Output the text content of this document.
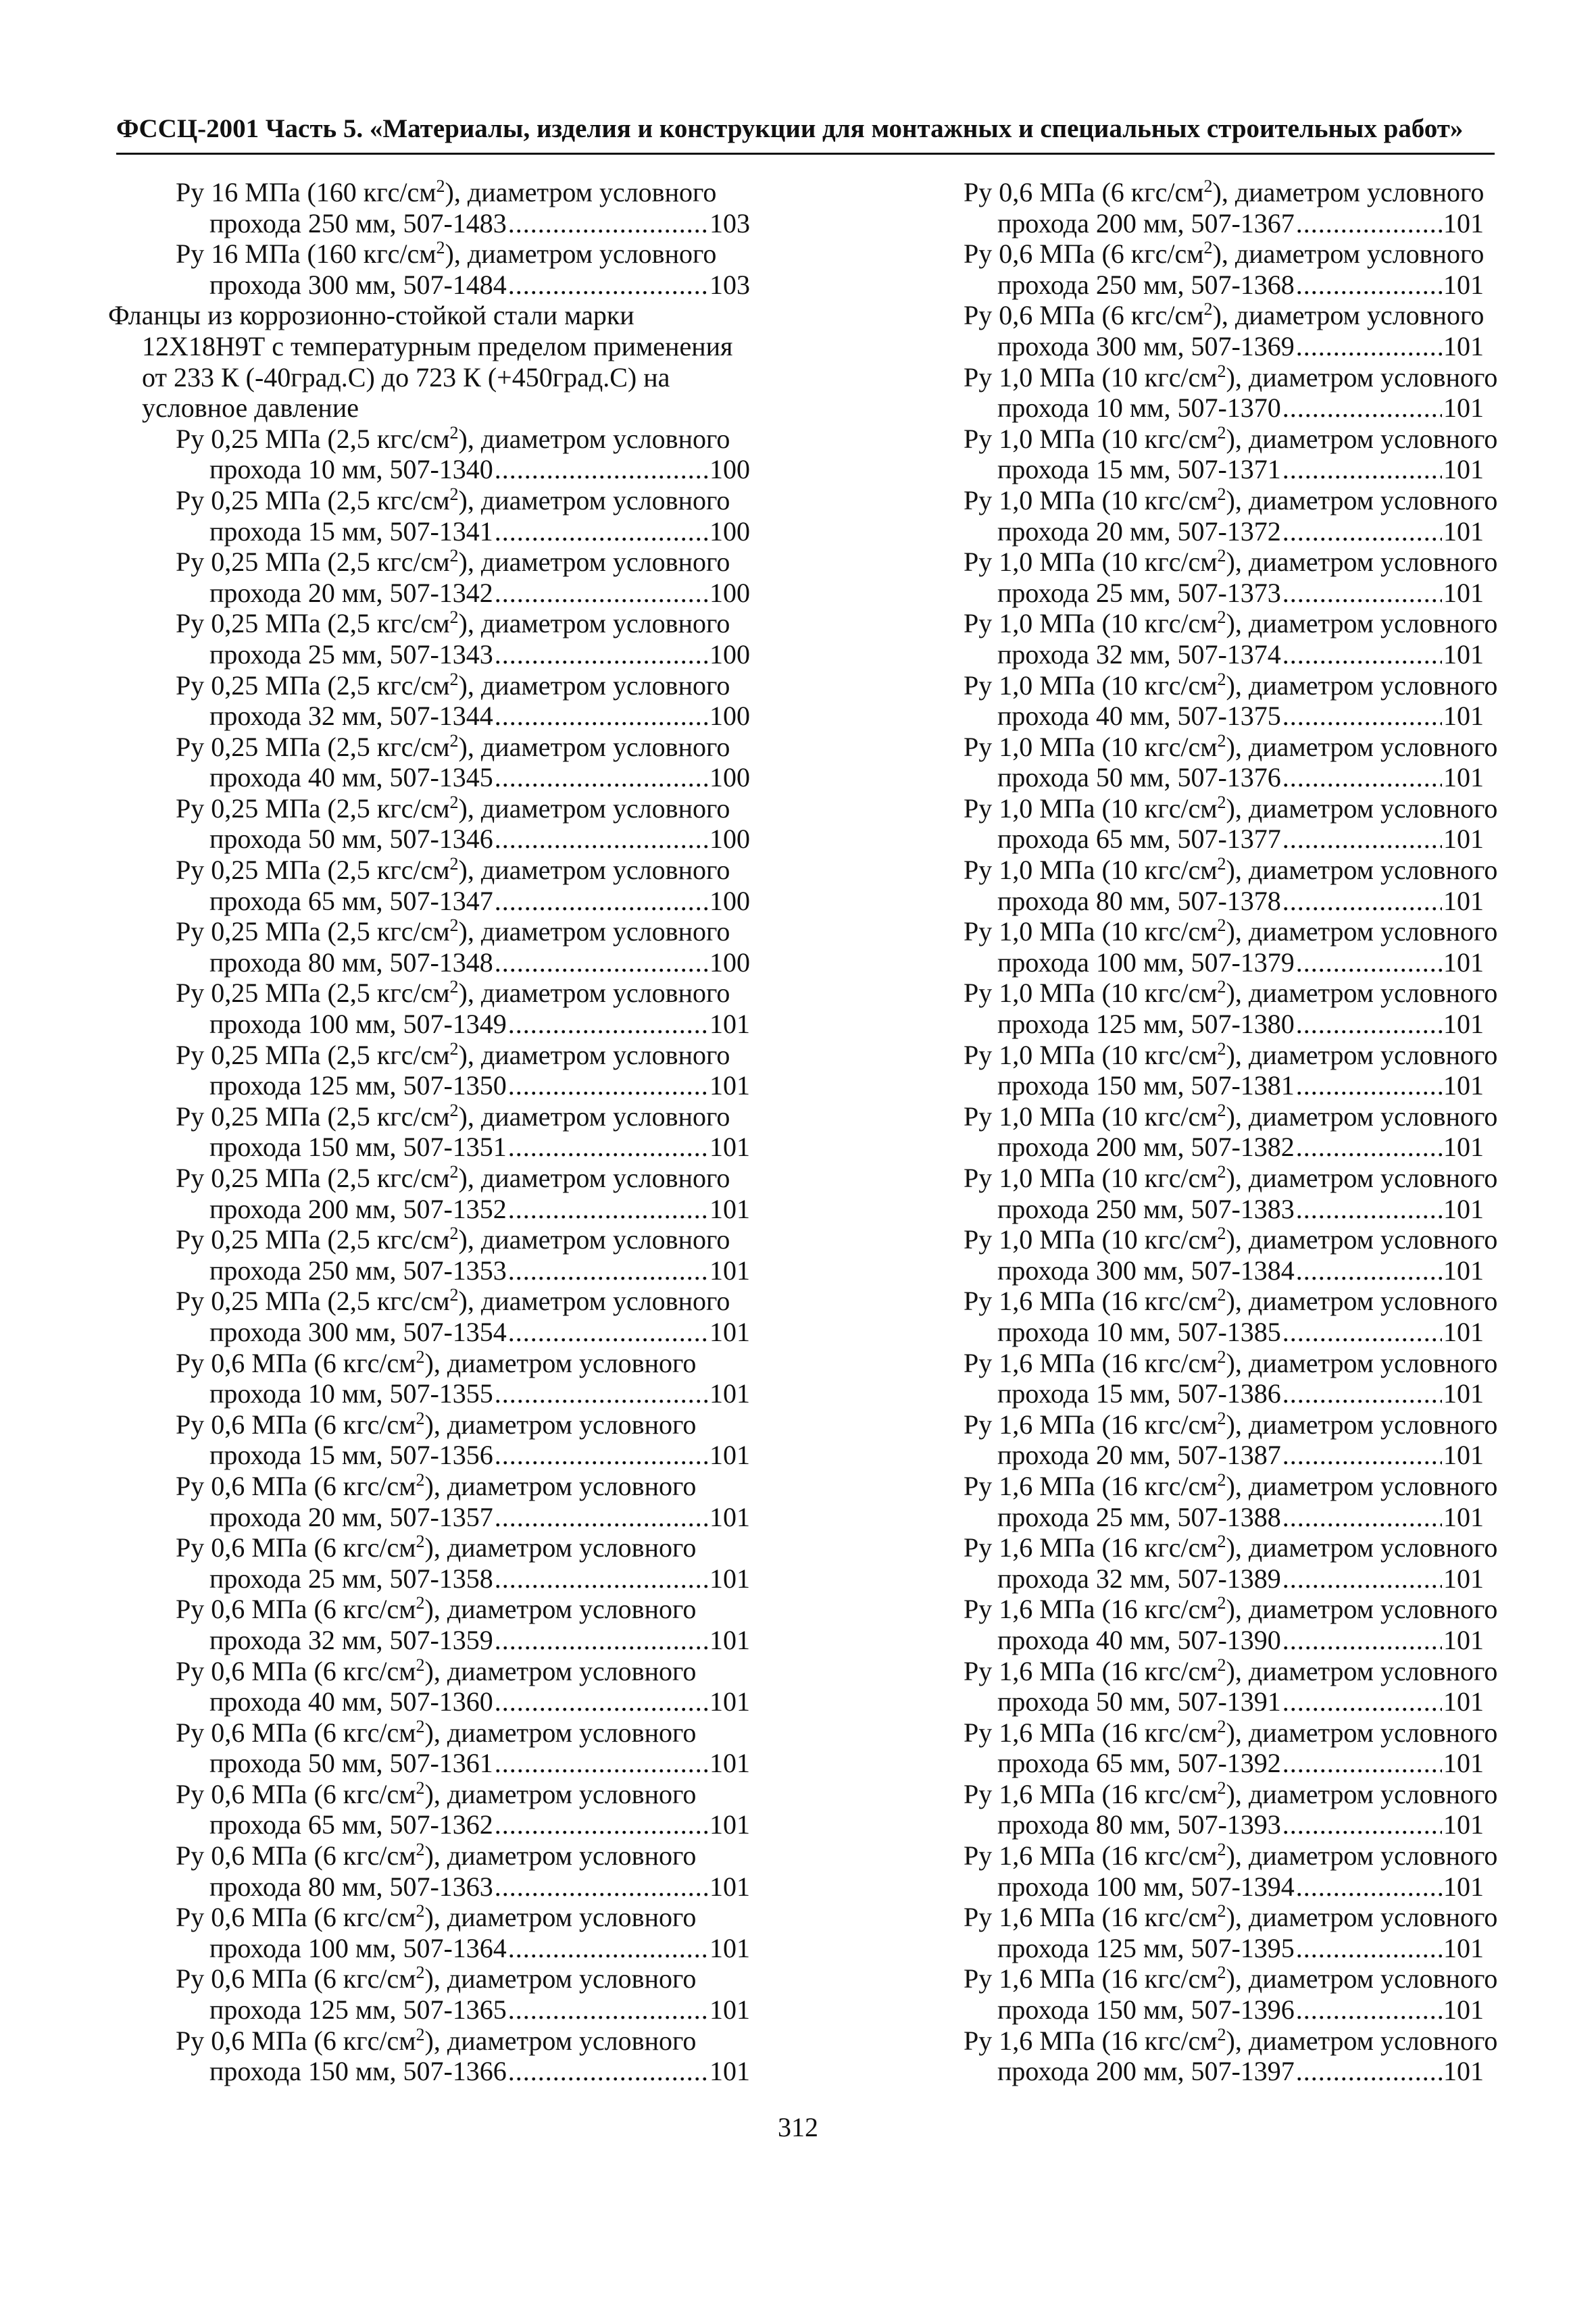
ФССЦ-2001 Часть 5. «Материалы, изделия и конструкции для монтажных и специальных строительных работ»
Ру 16 МПа (160 кгс/$см^2$), диаметром условного
прохода 250 мм, 507-1483 .....	103
Ру 16 МПа (160 кгс/$см^2$), диаметром условного
прохода 300 мм, 507-1484 .....	103
Фланцы из коррозионно-стойкой стали марки
12Х18Н9Т с температурным пределом применения
от 233 К (-40град.С) до 723 К (+450град.С) на
условное давление
Ру 0,25 МПа (2,5 кгс/$см^2$), диаметром условного
прохода 10 мм, 507-1340 .....	100
Ру 0,25 МПа (2,5 кгс/$см^2$), диаметром условного
прохода 15 мм, 507-1341 .....	100
Ру 0,25 МПа (2,5 кгс/$см^2$), диаметром условного
прохода 20 мм, 507-1342 .....	100
Ру 0,25 МПа (2,5 кгс/$см^2$), диаметром условного
прохода 25 мм, 507-1343 .....	100
Ру 0,25 МПа (2,5 кгс/$см^2$), диаметром условного
прохода 32 мм, 507-1344 .....	100
Ру 0,25 МПа (2,5 кгс/$см^2$), диаметром условного
прохода 40 мм, 507-1345 .....	100
Ру 0,25 МПа (2,5 кгс/$см^2$), диаметром условного
прохода 50 мм, 507-1346 .....	100
Ру 0,25 МПа (2,5 кгс/$см^2$), диаметром условного
прохода 65 мм, 507-1347 .....	100
Ру 0,25 МПа (2,5 кгс/$см^2$), диаметром условного
прохода 80 мм, 507-1348 .....	100
Ру 0,25 МПа (2,5 кгс/$см^2$), диаметром условного
прохода 100 мм, 507-1349 .....	101
Ру 0,25 МПа (2,5 кгс/$см^2$), диаметром условного
прохода 125 мм, 507-1350 .....	101
Ру 0,25 МПа (2,5 кгс/$см^2$), диаметром условного
прохода 150 мм, 507-1351 .....	101
Ру 0,25 МПа (2,5 кгс/$см^2$), диаметром условного
прохода 200 мм, 507-1352 .....	101
Ру 0,25 МПа (2,5 кгс/$см^2$), диаметром условного
прохода 250 мм, 507-1353 .....	101
Ру 0,25 МПа (2,5 кгс/$см^2$), диаметром условного
прохода 300 мм, 507-1354 .....	101
Ру 0,6 МПа (6 кгс/$см^2$), диаметром условного
прохода 10 мм, 507-1355 .....	101
Ру 0,6 МПа (6 кгс/$см^2$), диаметром условного
прохода 15 мм, 507-1356 .....	101
Ру 0,6 МПа (6 кгс/$см^2$), диаметром условного
прохода 20 мм, 507-1357 .....	101
Ру 0,6 МПа (6 кгс/$см^2$), диаметром условного
прохода 25 мм, 507-1358 .....	101
Ру 0,6 МПа (6 кгс/$см^2$), диаметром условного
прохода 32 мм, 507-1359 .....	101
Ру 0,6 МПа (6 кгс/$см^2$), диаметром условного
прохода 40 мм, 507-1360 .....	101
Ру 0,6 МПа (6 кгс/$см^2$), диаметром условного
прохода 50 мм, 507-1361 .....	101
Ру 0,6 МПа (6 кгс/$см^2$), диаметром условного
прохода 65 мм, 507-1362 .....	101
Ру 0,6 МПа (6 кгс/$см^2$), диаметром условного
прохода 80 мм, 507-1363 .....	101
Ру 0,6 МПа (6 кгс/$см^2$), диаметром условного
прохода 100 мм, 507-1364 .....	101
Ру 0,6 МПа (6 кгс/$см^2$), диаметром условного
прохода 125 мм, 507-1365 .....	101
Ру 0,6 МПа (6 кгс/$см^2$), диаметром условного
прохода 150 мм, 507-1366 .....	101
Ру 0,6 МПа (6 кгс/$см^2$), диаметром условного
прохода 200 мм, 507-1367 .....	101
Ру 0,6 МПа (6 кгс/$см^2$), диаметром условного
прохода 250 мм, 507-1368 .....	101
Ру 0,6 МПа (6 кгс/$см^2$), диаметром условного
прохода 300 мм, 507-1369 .....	101
Ру 1,0 МПа (10 кгс/$см^2$), диаметром условного
прохода 10 мм, 507-1370 .....	101
Ру 1,0 МПа (10 кгс/$см^2$), диаметром условного
прохода 15 мм, 507-1371 .....	101
Ру 1,0 МПа (10 кгс/$см^2$), диаметром условного
прохода 20 мм, 507-1372 .....	101
Ру 1,0 МПа (10 кгс/$см^2$), диаметром условного
прохода 25 мм, 507-1373 .....	101
Ру 1,0 МПа (10 кгс/$см^2$), диаметром условного
прохода 32 мм, 507-1374 .....	101
Ру 1,0 МПа (10 кгс/$см^2$), диаметром условного
прохода 40 мм, 507-1375 .....	101
Ру 1,0 МПа (10 кгс/$см^2$), диаметром условного
прохода 50 мм, 507-1376 .....	101
Ру 1,0 МПа (10 кгс/$см^2$), диаметром условного
прохода 65 мм, 507-1377 .....	101
Ру 1,0 МПа (10 кгс/$см^2$), диаметром условного
прохода 80 мм, 507-1378 .....	101
Ру 1,0 МПа (10 кгс/$см^2$), диаметром условного
прохода 100 мм, 507-1379 .....	101
Ру 1,0 МПа (10 кгс/$см^2$), диаметром условного
прохода 125 мм, 507-1380 .....	101
Ру 1,0 МПа (10 кгс/$см^2$), диаметром условного
прохода 150 мм, 507-1381 .....	101
Ру 1,0 МПа (10 кгс/$см^2$), диаметром условного
прохода 200 мм, 507-1382 .....	101
Ру 1,0 МПа (10 кгс/$см^2$), диаметром условного
прохода 250 мм, 507-1383 .....	101
Ру 1,0 МПа (10 кгс/$см^2$), диаметром условного
прохода 300 мм, 507-1384 .....	101
Ру 1,6 МПа (16 кгс/$см^2$), диаметром условного
прохода 10 мм, 507-1385 .....	101
Ру 1,6 МПа (16 кгс/$см^2$), диаметром условного
прохода 15 мм, 507-1386 .....	101
Ру 1,6 МПа (16 кгс/$см^2$), диаметром условного
прохода 20 мм, 507-1387 .....	101
Ру 1,6 МПа (16 кгс/$см^2$), диаметром условного
прохода 25 мм, 507-1388 .....	101
Ру 1,6 МПа (16 кгс/$см^2$), диаметром условного
прохода 32 мм, 507-1389 .....	101
Ру 1,6 МПа (16 кгс/$см^2$), диаметром условного
прохода 40 мм, 507-1390 .....	101
Ру 1,6 МПа (16 кгс/$см^2$), диаметром условного
прохода 50 мм, 507-1391 .....	101
Ру 1,6 МПа (16 кгс/$см^2$), диаметром условного
прохода 65 мм, 507-1392 .....	101
Ру 1,6 МПа (16 кгс/$см^2$), диаметром условного
прохода 80 мм, 507-1393 .....	101
Ру 1,6 МПа (16 кгс/$см^2$), диаметром условного
прохода 100 мм, 507-1394 .....	101
Ру 1,6 МПа (16 кгс/$см^2$), диаметром условного
прохода 125 мм, 507-1395 .....	101
Ру 1,6 МПа (16 кгс/$см^2$), диаметром условного
прохода 150 мм, 507-1396 .....	101
Ру 1,6 МПа (16 кгс/$см^2$), диаметром условного
прохода 200 мм, 507-1397 .....	101
312
